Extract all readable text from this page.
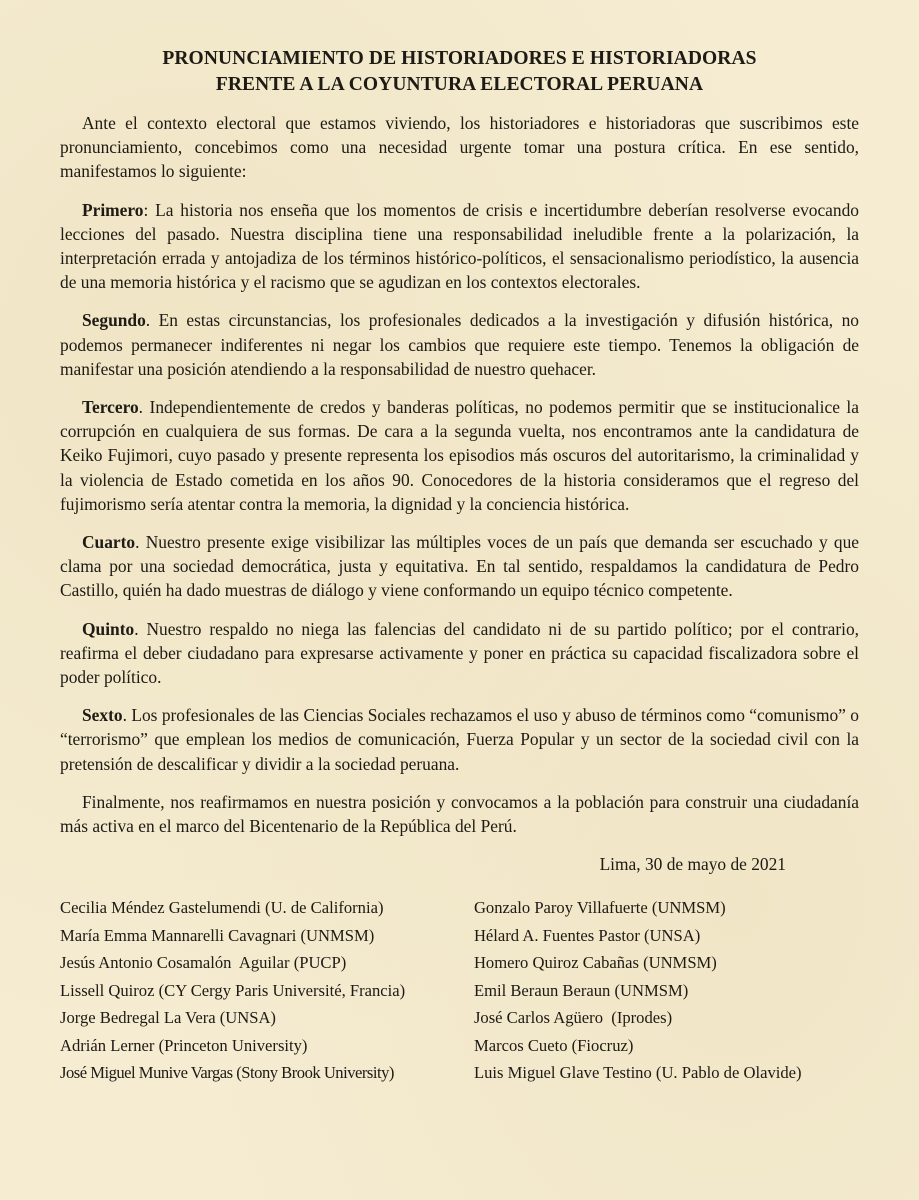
PRONUNCIAMIENTO DE HISTORIADORES E HISTORIADORAS
FRENTE A LA COYUNTURA ELECTORAL PERUANA

Ante el contexto electoral que estamos viviendo, los historiadores e historiadoras que suscribimos este pronunciamiento, concebimos como una necesidad urgente tomar una postura crítica. En ese sentido, manifestamos lo siguiente:

Primero: La historia nos enseña que los momentos de crisis e incertidumbre deberían resolverse evocando lecciones del pasado. Nuestra disciplina tiene una responsabilidad ineludible frente a la polarización, la interpretación errada y antojadiza de los términos histórico-políticos, el sensacionalismo periodístico, la ausencia de una memoria histórica y el racismo que se agudizan en los contextos electorales.

Segundo. En estas circunstancias, los profesionales dedicados a la investigación y difusión histórica, no podemos permanecer indiferentes ni negar los cambios que requiere este tiempo. Tenemos la obligación de manifestar una posición atendiendo a la responsabilidad de nuestro quehacer.

Tercero. Independientemente de credos y banderas políticas, no podemos permitir que se institucionalice la corrupción en cualquiera de sus formas. De cara a la segunda vuelta, nos encontramos ante la candidatura de Keiko Fujimori, cuyo pasado y presente representa los episodios más oscuros del autoritarismo, la criminalidad y la violencia de Estado cometida en los años 90. Conocedores de la historia consideramos que el regreso del fujimorismo sería atentar contra la memoria, la dignidad y la conciencia histórica.

Cuarto. Nuestro presente exige visibilizar las múltiples voces de un país que demanda ser escuchado y que clama por una sociedad democrática, justa y equitativa. En tal sentido, respaldamos la candidatura de Pedro Castillo, quién ha dado muestras de diálogo y viene conformando un equipo técnico competente.

Quinto. Nuestro respaldo no niega las falencias del candidato ni de su partido político; por el contrario, reafirma el deber ciudadano para expresarse activamente y poner en práctica su capacidad fiscalizadora sobre el poder político.

Sexto. Los profesionales de las Ciencias Sociales rechazamos el uso y abuso de términos como “comunismo” o “terrorismo” que emplean los medios de comunicación, Fuerza Popular y un sector de la sociedad civil con la pretensión de descalificar y dividir a la sociedad peruana.

Finalmente, nos reafirmamos en nuestra posición y convocamos a la población para construir una ciudadanía más activa en el marco del Bicentenario de la República del Perú.

Lima, 30 de mayo de 2021
Cecilia Méndez Gastelumendi (U. de California)
María Emma Mannarelli Cavagnari (UNMSM)
Jesús Antonio Cosamalón  Aguilar (PUCP)
Lissell Quiroz (CY Cergy Paris Université, Francia)
Jorge Bedregal La Vera (UNSA)
Adrián Lerner (Princeton University)
José Miguel Munive Vargas (Stony Brook University)
Gonzalo Paroy Villafuerte (UNMSM)
Hélard A. Fuentes Pastor (UNSA)
Homero Quiroz Cabañas (UNMSM)
Emil Beraun Beraun (UNMSM)
José Carlos Agüero  (Iprodes)
Marcos Cueto (Fiocruz)
Luis Miguel Glave Testino (U. Pablo de Olavide)
